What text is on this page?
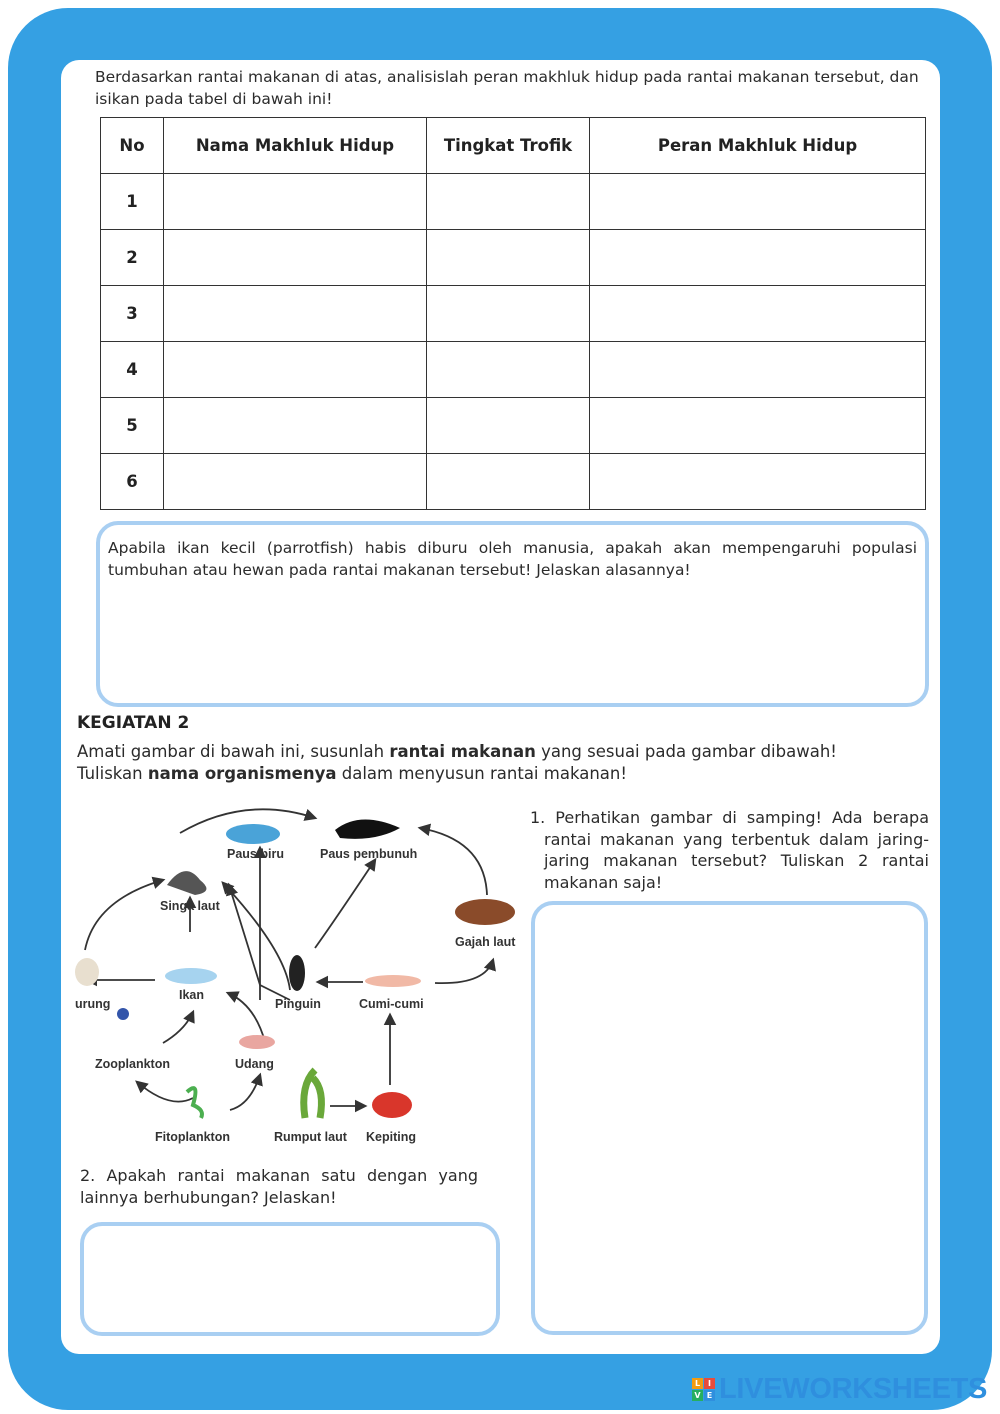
Berdasarkan rantai makanan di atas, analisislah peran makhluk hidup pada rantai makanan tersebut, dan isikan pada tabel di bawah ini!

No	Nama Makhluk Hidup	Tingkat Trofik	Peran Makhluk Hidup
1			
2			
3			
4			
5			
6			

Apabila ikan kecil (parrotfish) habis diburu oleh manusia, apakah akan mempengaruhi populasi tumbuhan atau hewan pada rantai makanan tersebut! Jelaskan alasannya!

KEGIATAN 2

Amati gambar di bawah ini, susunlah rantai makanan yang sesuai pada gambar dibawah! Tuliskan nama organismenya dalam menyusun rantai makanan!

Paus biru	Paus pembunuh
Singa laut
Gajah laut
urung
Ikan
Pinguin	Cumi-cumi
Zooplankton	Udang
Fitoplankton	Rumput laut Kepiting

1. Perhatikan gambar di samping! Ada berapa rantai makanan yang terbentuk dalam jaring-jaring makanan tersebut? Tuliskan 2 rantai makanan saja!

2. Apakah rantai makanan satu dengan yang lainnya berhubungan? Jelaskan!

L I
V E LIVEWORKSHEETS
